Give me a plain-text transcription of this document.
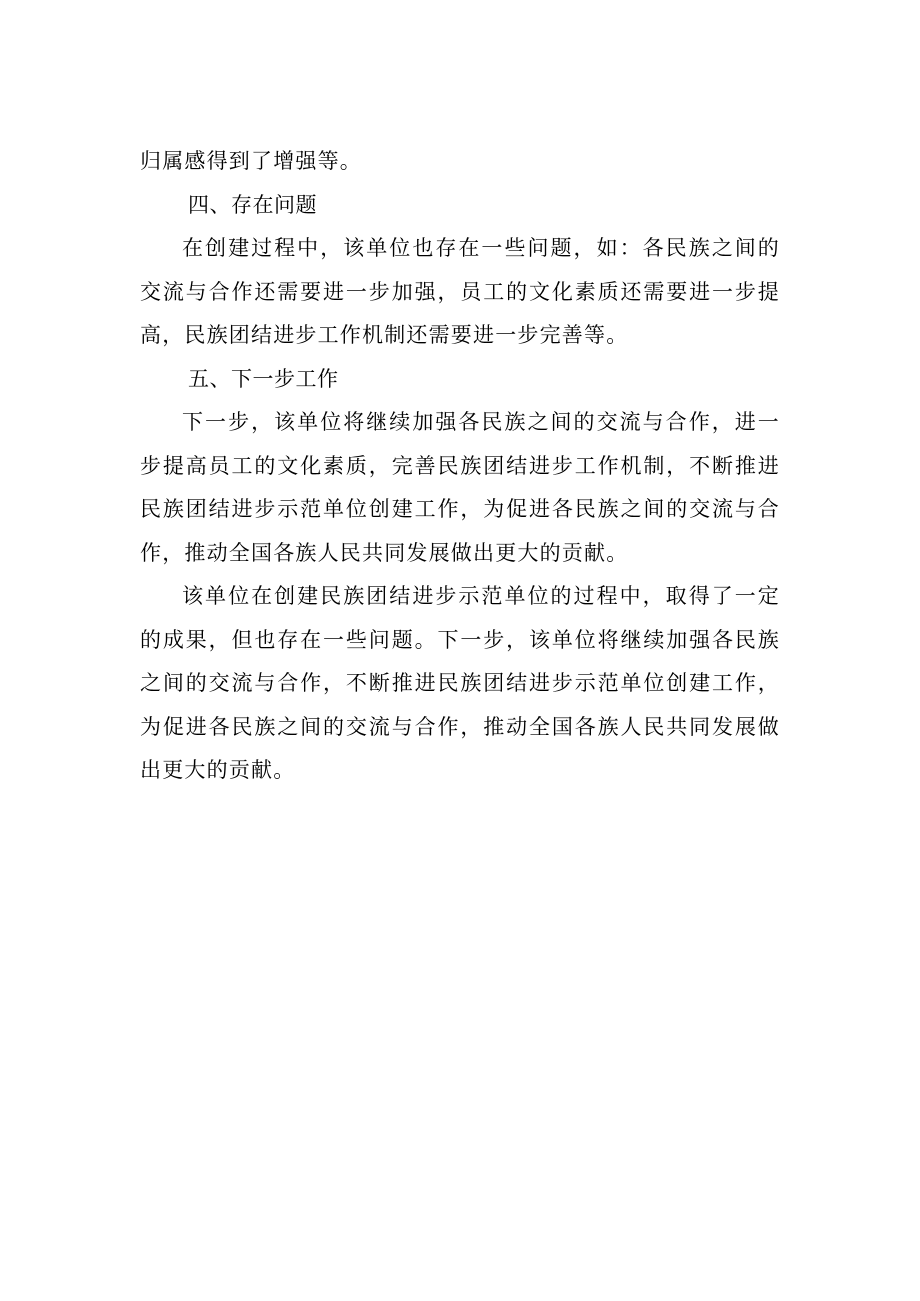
归属感得到了增强等。

四、存在问题

在创建过程中，该单位也存在一些问题，如：各民族之间的交流与合作还需要进一步加强，员工的文化素质还需要进一步提高，民族团结进步工作机制还需要进一步完善等。

五、下一步工作

下一步，该单位将继续加强各民族之间的交流与合作，进一步提高员工的文化素质，完善民族团结进步工作机制，不断推进民族团结进步示范单位创建工作，为促进各民族之间的交流与合作，推动全国各族人民共同发展做出更大的贡献。

该单位在创建民族团结进步示范单位的过程中，取得了一定的成果，但也存在一些问题。下一步，该单位将继续加强各民族之间的交流与合作，不断推进民族团结进步示范单位创建工作，为促进各民族之间的交流与合作，推动全国各族人民共同发展做出更大的贡献。
